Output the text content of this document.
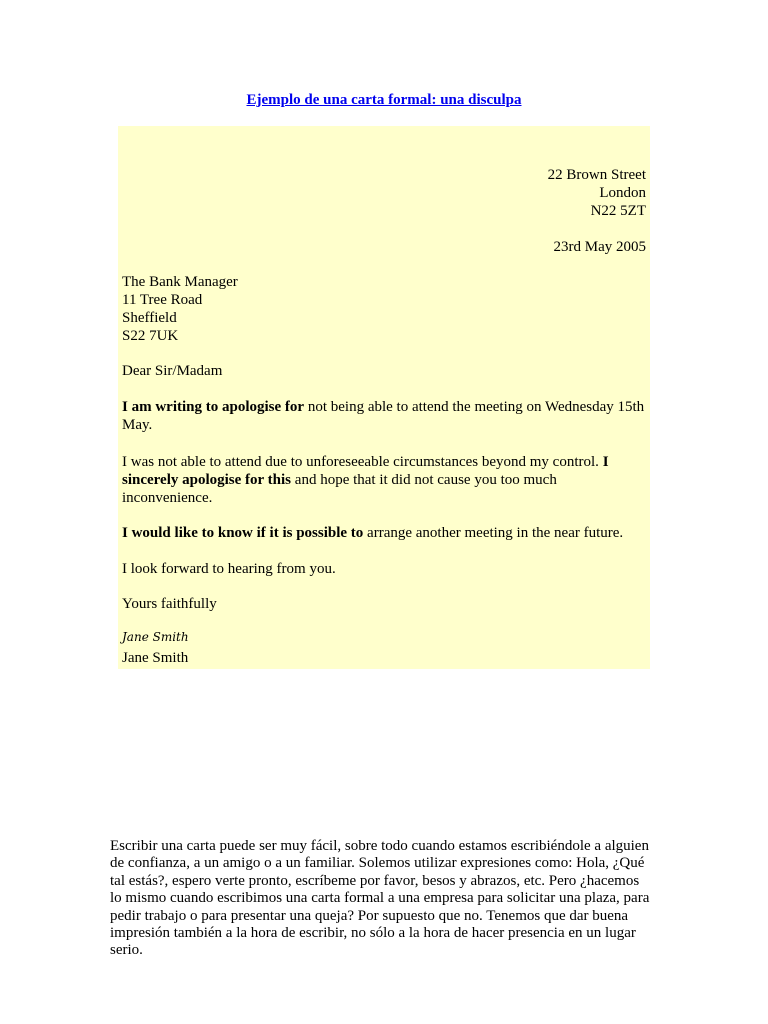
Ejemplo de una carta formal: una disculpa
22 Brown Street
London
N22 5ZT
23rd May 2005
The Bank Manager
11 Tree Road
Sheffield
S22 7UK
Dear Sir/Madam
I am writing to apologise for not being able to attend the meeting on Wednesday 15th May.
I was not able to attend due to unforeseeable circumstances beyond my control. I sincerely apologise for this and hope that it did not cause you too much inconvenience.
I would like to know if it is possible to arrange another meeting in the near future.
I look forward to hearing from you.
Yours faithfully
Jane Smith
Jane Smith
Escribir una carta puede ser muy fácil, sobre todo cuando estamos escribiéndole a alguien de confianza, a un amigo o a un familiar. Solemos utilizar expresiones como: Hola, ¿Qué tal estás?, espero verte pronto, escríbeme por favor, besos y abrazos, etc. Pero ¿hacemos lo mismo cuando escribimos una carta formal a una empresa para solicitar una plaza, para pedir trabajo o para presentar una queja? Por supuesto que no. Tenemos que dar buena impresión también a la hora de escribir, no sólo a la hora de hacer presencia en un lugar serio.
